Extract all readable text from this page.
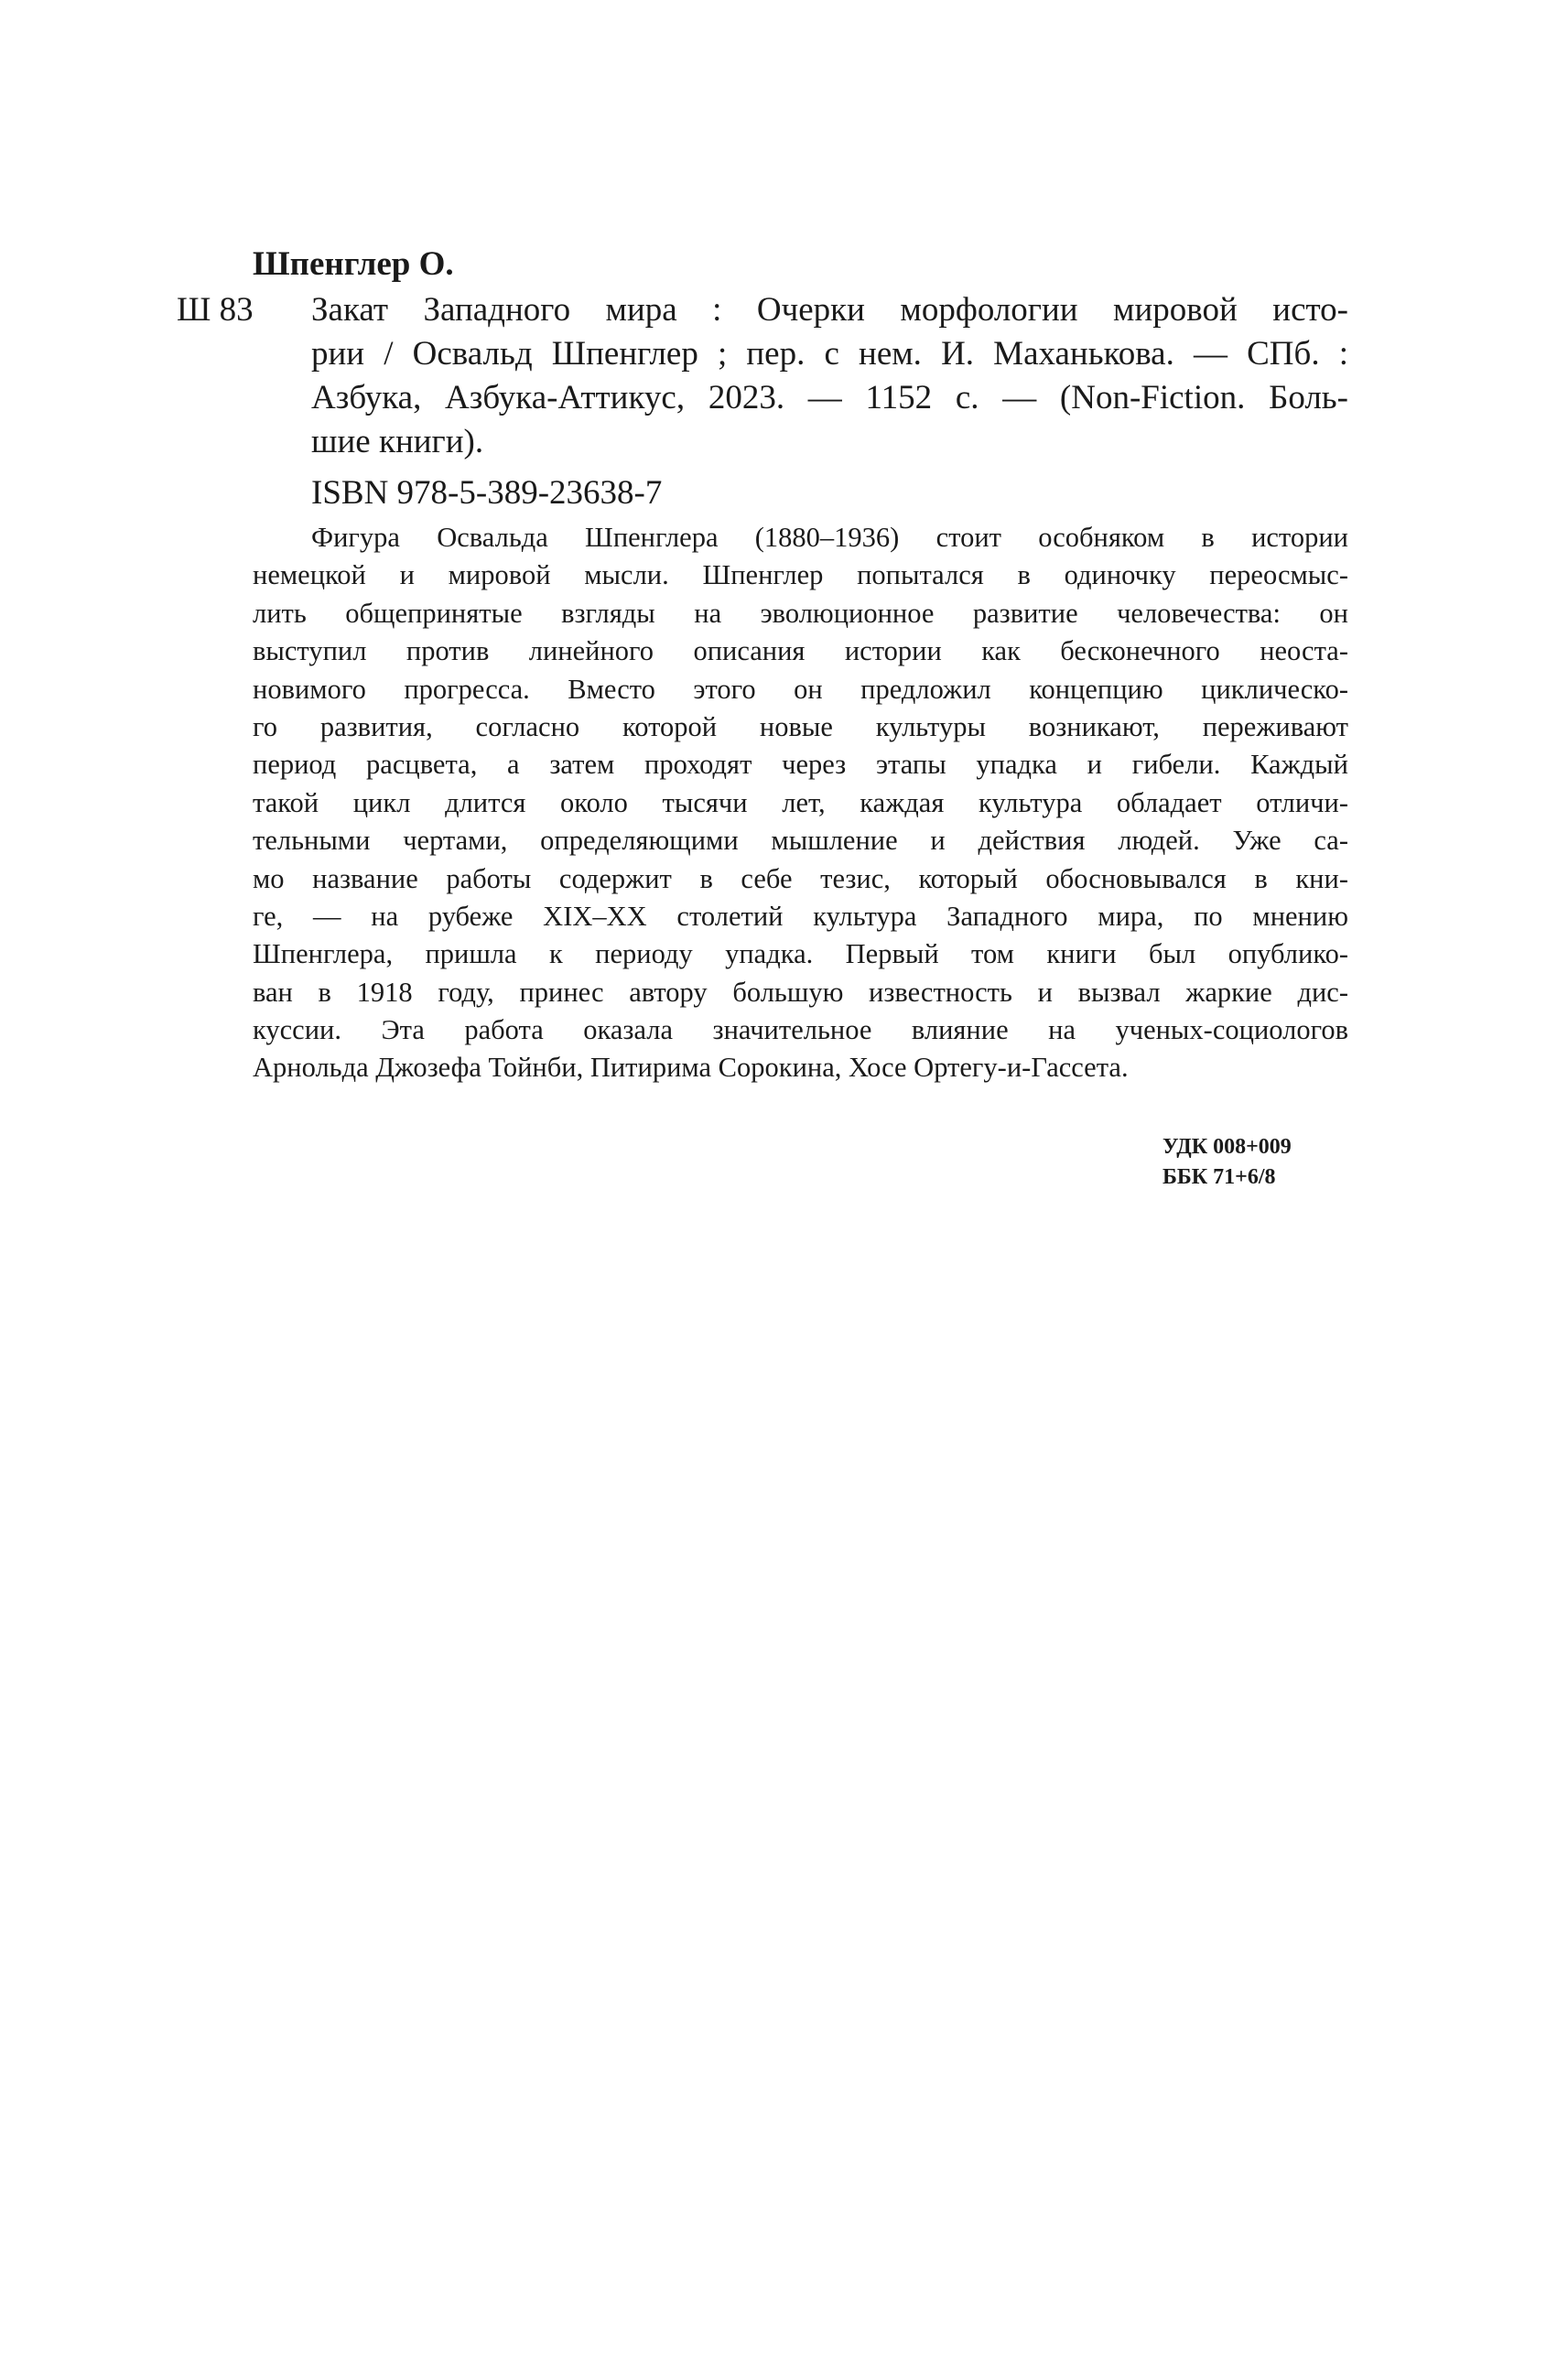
Шпенглер О.
Ш 83 Закат Западного мира : Очерки морфологии мировой исто-
рии / Освальд Шпенглер ; пер. с нем. И. Маханькова. — СПб. :
Азбука, Азбука-Аттикус, 2023. — 1152 с. — (Non-Fiction. Боль-
шие книги).
ISBN 978-5-389-23638-7
Фигура Освальда Шпенглера (1880–1936) стоит особняком в истории
немецкой и мировой мысли. Шпенглер попытался в одиночку переосмыс-
лить общепринятые взгляды на эволюционное развитие человечества: он
выступил против линейного описания истории как бесконечного неоста-
новимого прогресса. Вместо этого он предложил концепцию циклическо-
го развития, согласно которой новые культуры возникают, переживают
период расцвета, а затем проходят через этапы упадка и гибели. Каждый
такой цикл длится около тысячи лет, каждая культура обладает отличи-
тельными чертами, определяющими мышление и действия людей. Уже са-
мо название работы содержит в себе тезис, который обосновывался в кни-
ге, — на рубеже XIX–XX столетий культура Западного мира, по мнению
Шпенглера, пришла к периоду упадка. Первый том книги был опублико-
ван в 1918 году, принес автору большую известность и вызвал жаркие дис-
куссии. Эта работа оказала значительное влияние на ученых-социологов
Арнольда Джозефа Тойнби, Питирима Сорокина, Хосе Ортегу-и-Гассета.
УДК 008+009
ББК 71+6/8
